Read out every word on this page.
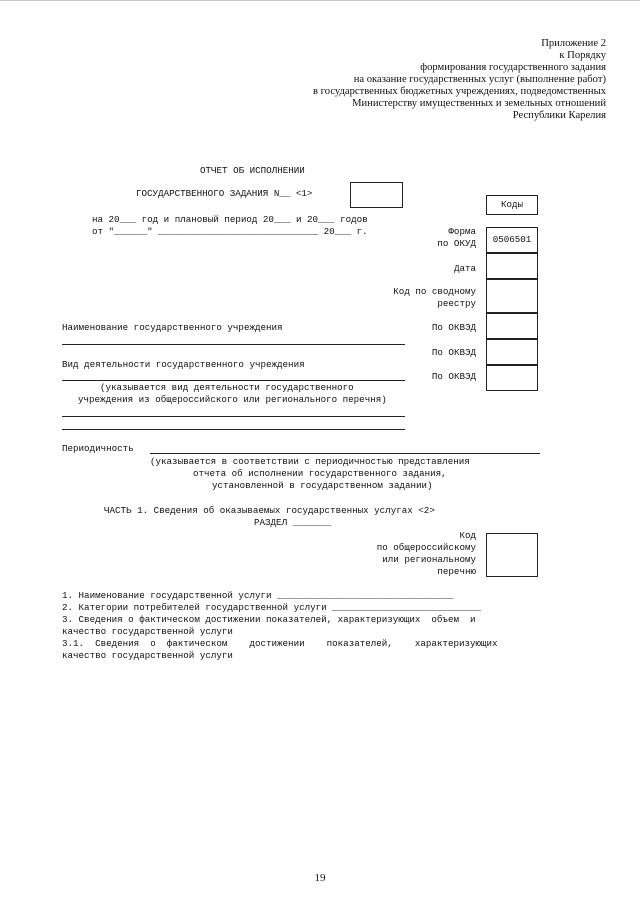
Приложение 2
к Порядку
формирования государственного задания
на оказание государственных услуг (выполнение работ)
в государственных бюджетных учреждениях, подведомственных
Министерству имущественных и земельных отношений
Республики Карелия
ОТЧЕТ ОБ ИСПОЛНЕНИИ
ГОСУДАРСТВЕННОГО ЗАДАНИЯ N__ <1>
на 20___ год и плановый период 20___ и 20___ годов
от "______" _____________________________ 20___ г.
Коды
0506501
Форма
по ОКУД
Дата
Код по сводному
реестру
По ОКВЭД
По ОКВЭД
По ОКВЭД
Наименование государственного учреждения
Вид деятельности государственного учреждения
(указывается вид деятельности государственного
учреждения из общероссийского или регионального перечня)
Периодичность
(указывается в соответствии с периодичностью представления
отчета об исполнении государственного задания,
установленной в государственном задании)
ЧАСТЬ 1. Сведения об оказываемых государственных услугах <2>
РАЗДЕЛ _______
Код
по общероссийскому
или региональному
перечню
1. Наименование государственной услуги ________________________________
2. Категории потребителей государственной услуги ___________________________
3. Сведения о фактическом достижении показателей, характеризующих  объем  и
качество государственной услуги
3.1.  Сведения  о  фактическом    достижении    показателей,    характеризующих
качество государственной услуги
19
